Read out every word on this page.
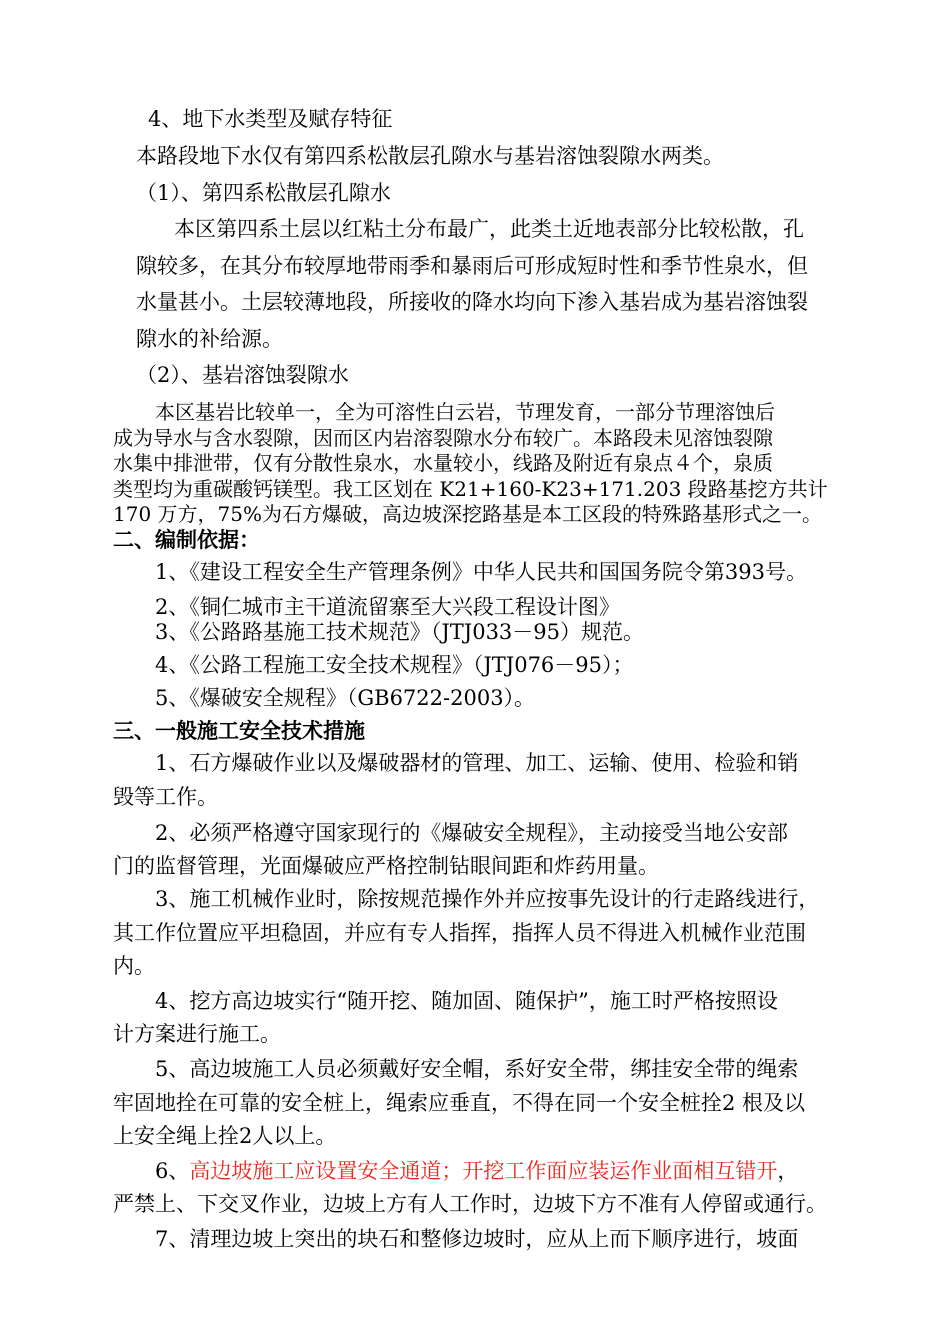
4、地下水类型及赋存特征
本路段地下水仅有第四系松散层孔隙水与基岩溶蚀裂隙水两类。
（1）、第四系松散层孔隙水
本区第四系土层以红粘土分布最广，此类土近地表部分比较松散，孔
隙较多，在其分布较厚地带雨季和暴雨后可形成短时性和季节性泉水，但
水量甚小。土层较薄地段，所接收的降水均向下渗入基岩成为基岩溶蚀裂
隙水的补给源。
（2）、基岩溶蚀裂隙水
本区基岩比较单一，全为可溶性白云岩，节理发育，一部分节理溶蚀后
成为导水与含水裂隙，因而区内岩溶裂隙水分布较广。本路段未见溶蚀裂隙
水集中排泄带，仅有分散性泉水，水量较小，线路及附近有泉点４个，泉质
类型均为重碳酸钙镁型。我工区划在 K21+160-K23+171.203 段路基挖方共计
170 万方，75%为石方爆破，高边坡深挖路基是本工区段的特殊路基形式之一。
二、编制依据：
1、《建设工程安全生产管理条例》中华人民共和国国务院令第393号。
2、《铜仁城市主干道流留寨至大兴段工程设计图》
3、《公路路基施工技术规范》（JTJ033－95）规范。
4、《公路工程施工安全技术规程》（JTJ076－95）；
5、《爆破安全规程》（GB6722-2003）。
三、一般施工安全技术措施
1、石方爆破作业以及爆破器材的管理、加工、运输、使用、检验和销
毁等工作。
2、必须严格遵守国家现行的《爆破安全规程》，主动接受当地公安部
门的监督管理，光面爆破应严格控制钻眼间距和炸药用量。
3、施工机械作业时，除按规范操作外并应按事先设计的行走路线进行，
其工作位置应平坦稳固，并应有专人指挥，指挥人员不得进入机械作业范围
内。
4、挖方高边坡实行“随开挖、随加固、随保护”，施工时严格按照设
计方案进行施工。
5、高边坡施工人员必须戴好安全帽，系好安全带，绑挂安全带的绳索
牢固地拴在可靠的安全桩上，绳索应垂直，不得在同一个安全桩拴2 根及以
上安全绳上拴2人以上。
6、高边坡施工应设置安全通道；开挖工作面应装运作业面相互错开，
严禁上、下交叉作业，边坡上方有人工作时，边坡下方不准有人停留或通行。
7、清理边坡上突出的块石和整修边坡时，应从上而下顺序进行，坡面
